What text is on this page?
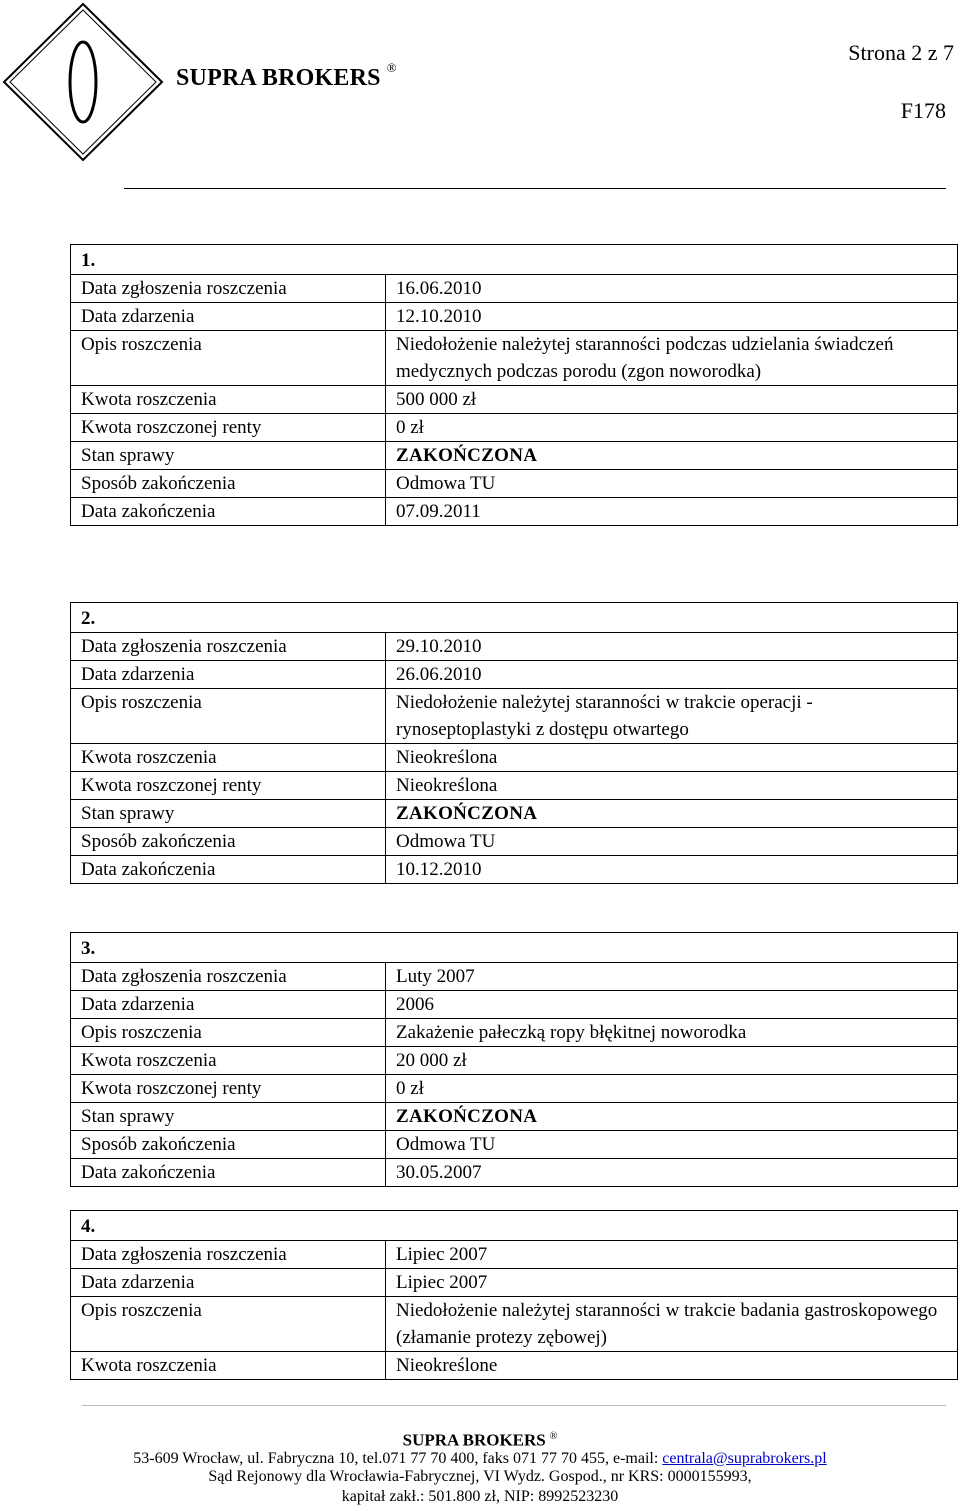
SUPRA BROKERS ®
Strona 2 z 7
F178
1.	
Data zgłoszenia roszczenia	16.06.2010
Data zdarzenia	12.10.2010
Opis roszczenia	Niedołożenie należytej staranności podczas udzielania świadczeń medycznych podczas porodu (zgon noworodka)
Kwota roszczenia	500 000 zł
Kwota roszczonej renty	0 zł
Stan sprawy	ZAKOŃCZONA
Sposób zakończenia	Odmowa TU
Data zakończenia	07.09.2011
2.	
Data zgłoszenia roszczenia	29.10.2010
Data zdarzenia	26.06.2010
Opis roszczenia	Niedołożenie należytej staranności w trakcie operacji - rynoseptoplastyki z dostępu otwartego
Kwota roszczenia	Nieokreślona
Kwota roszczonej renty	Nieokreślona
Stan sprawy	ZAKOŃCZONA
Sposób zakończenia	Odmowa TU
Data zakończenia	10.12.2010
3.	
Data zgłoszenia roszczenia	Luty 2007
Data zdarzenia	2006
Opis roszczenia	Zakażenie pałeczką ropy błękitnej noworodka
Kwota roszczenia	20 000 zł
Kwota roszczonej renty	0 zł
Stan sprawy	ZAKOŃCZONA
Sposób zakończenia	Odmowa TU
Data zakończenia	30.05.2007
4.	
Data zgłoszenia roszczenia	Lipiec 2007
Data zdarzenia	Lipiec 2007
Opis roszczenia	Niedołożenie należytej staranności w trakcie badania gastroskopowego (złamanie protezy zębowej)
Kwota roszczenia	Nieokreślone
SUPRA BROKERS ®
53-609 Wrocław, ul. Fabryczna 10, tel.071 77 70 400, faks 071 77 70 455, e-mail: centrala@suprabrokers.pl
Sąd Rejonowy dla Wrocławia-Fabrycznej, VI Wydz. Gospod., nr KRS: 0000155993,
kapitał zakł.: 501.800 zł, NIP: 8992523230
